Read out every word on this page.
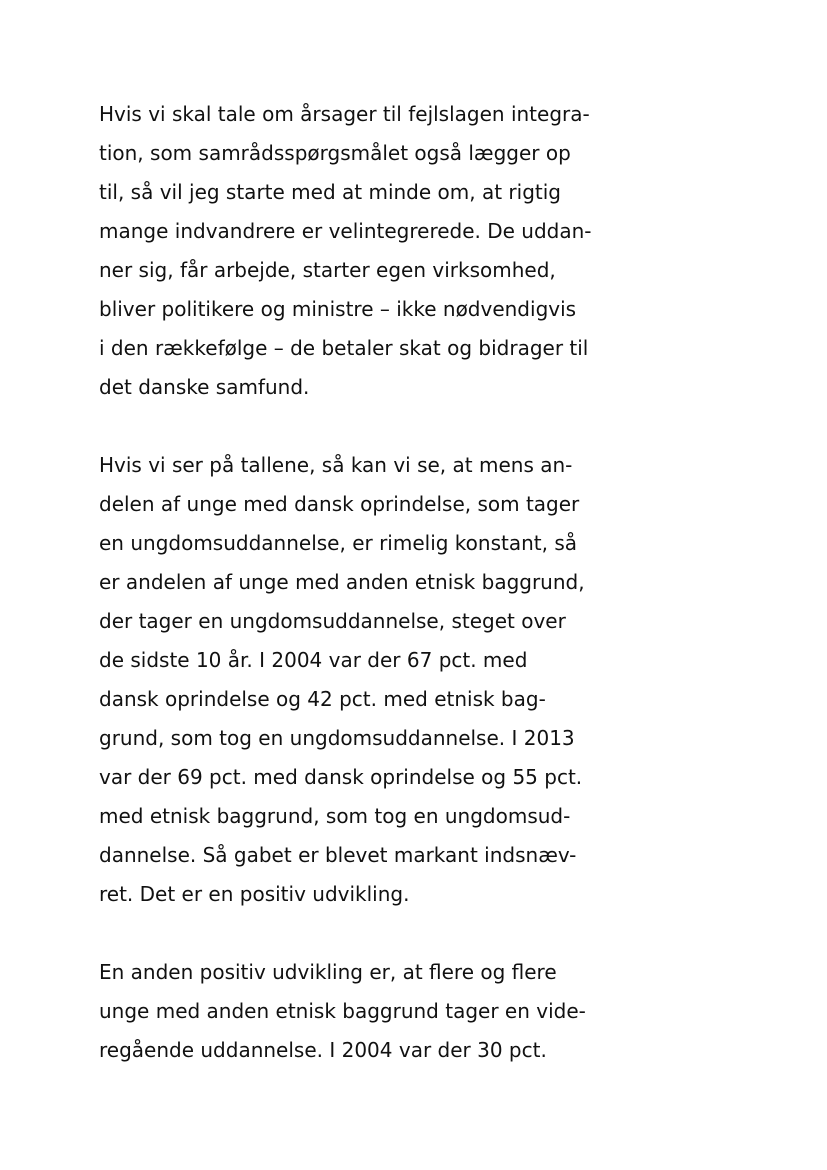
Hvis vi skal tale om årsager til fejlslagen integra-
tion, som samrådsspørgsmålet også lægger op
til, så vil jeg starte med at minde om, at rigtig
mange indvandrere er velintegrerede. De uddan-
ner sig, får arbejde, starter egen virksomhed,
bliver politikere og ministre – ikke nødvendigvis
i den rækkefølge – de betaler skat og bidrager til
det danske samfund.

Hvis vi ser på tallene, så kan vi se, at mens an-
delen af unge med dansk oprindelse, som tager
en ungdomsuddannelse, er rimelig konstant, så
er andelen af unge med anden etnisk baggrund,
der tager en ungdomsuddannelse, steget over
de sidste 10 år. I 2004 var der 67 pct. med
dansk oprindelse og 42 pct. med etnisk bag-
grund, som tog en ungdomsuddannelse. I 2013
var der 69 pct. med dansk oprindelse og 55 pct.
med etnisk baggrund, som tog en ungdomsud-
dannelse. Så gabet er blevet markant indsnæv-
ret. Det er en positiv udvikling.

En anden positiv udvikling er, at flere og flere
unge med anden etnisk baggrund tager en vide-
regående uddannelse. I 2004 var der 30 pct.
